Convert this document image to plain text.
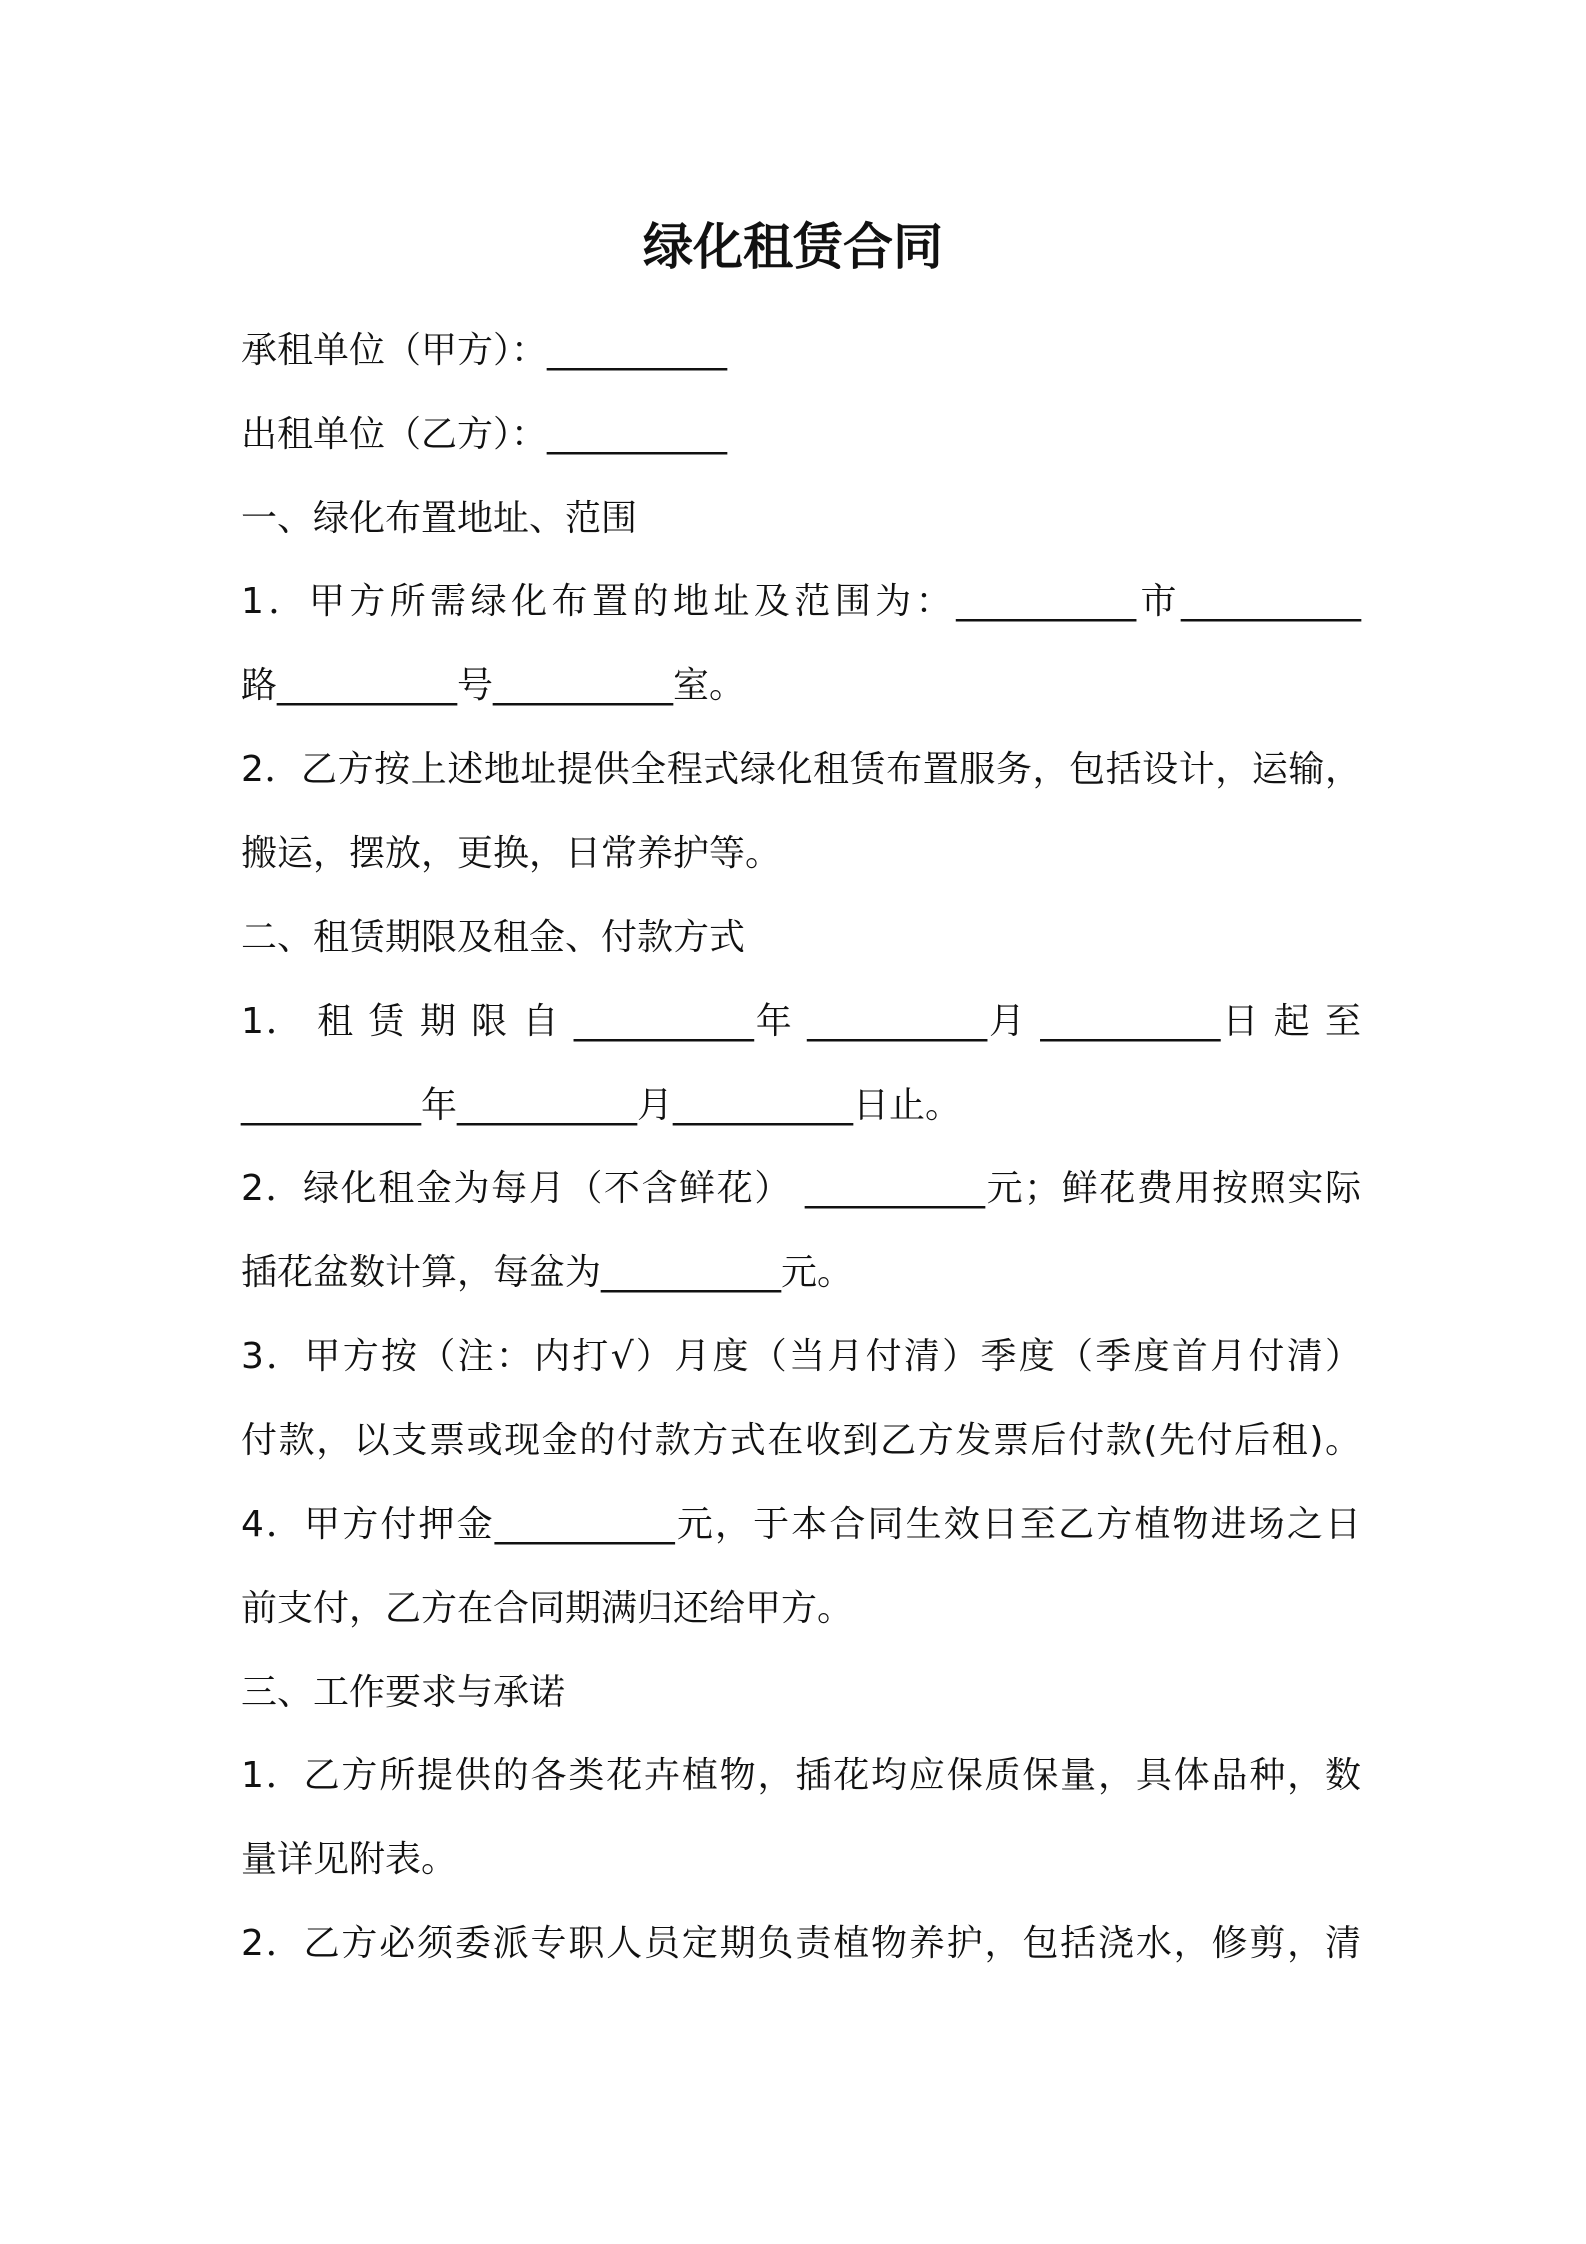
绿化租赁合同

承租单位（甲方）：__________

出租单位（乙方）：__________

一、绿化布置地址、范围

1．甲方所需绿化布置的地址及范围为：__________市__________

路__________号__________室。

2．乙方按上述地址提供全程式绿化租赁布置服务，包括设计，运输，

搬运，摆放，更换，日常养护等。

二、租赁期限及租金、付款方式

1． 租 赁 期 限 自 __________年 __________月 __________日 起 至

__________年__________月__________日止。

2．绿化租金为每月（不含鲜花） __________元；鲜花费用按照实际

插花盆数计算，每盆为__________元。

3．甲方按（注：内打√）月度（当月付清）季度（季度首月付清）

付款，以支票或现金的付款方式在收到乙方发票后付款(先付后租)。

4．甲方付押金__________元，于本合同生效日至乙方植物进场之日

前支付，乙方在合同期满归还给甲方。

三、工作要求与承诺

1．乙方所提供的各类花卉植物，插花均应保质保量，具体品种，数

量详见附表。

2．乙方必须委派专职人员定期负责植物养护，包括浇水，修剪，清
